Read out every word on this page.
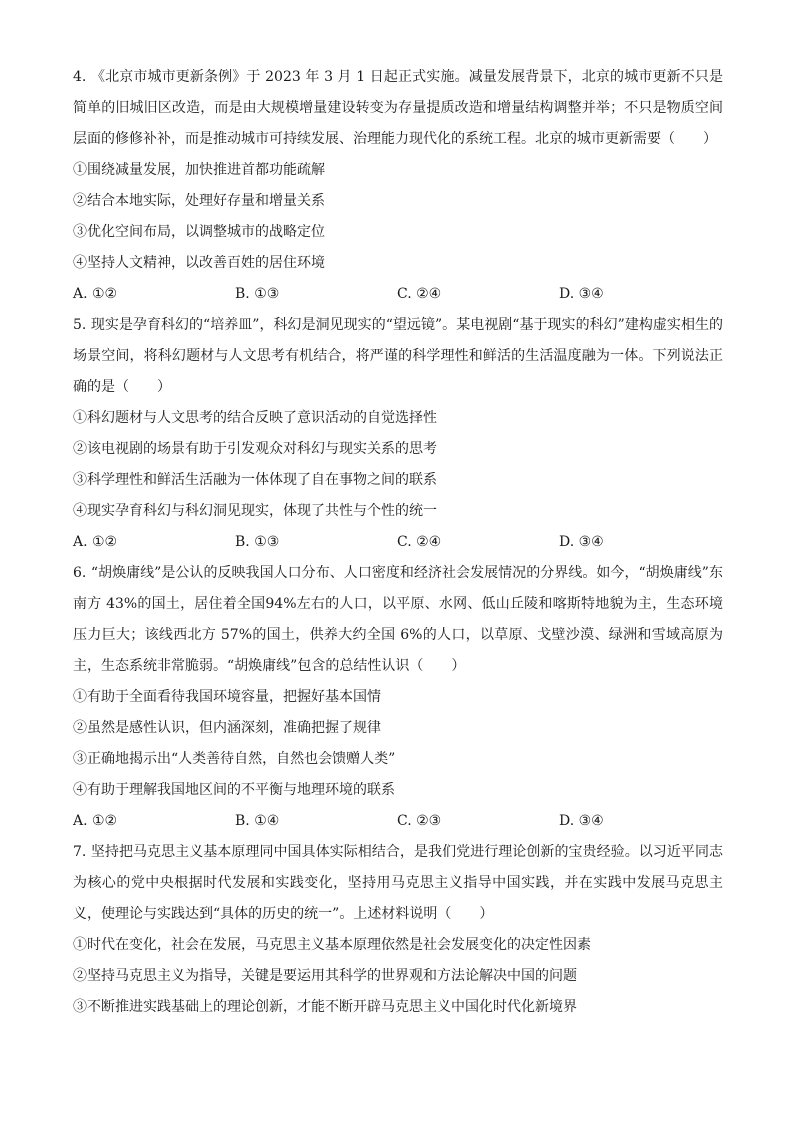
4. 《北京市城市更新条例》于 2023 年 3 月 1 日起正式实施。减量发展背景下，北京的城市更新不只是简单的旧城旧区改造，而是由大规模增量建设转变为存量提质改造和增量结构调整并举；不只是物质空间层面的修修补补，而是推动城市可持续发展、治理能力现代化的系统工程。北京的城市更新需要（　　）

①围绕减量发展，加快推进首都功能疏解

②结合本地实际，处理好存量和增量关系

③优化空间布局，以调整城市的战略定位

④坚持人文精神，以改善百姓的居住环境

A. ①②	B. ①③	C. ②④	D. ③④

5. 现实是孕育科幻的“培养皿”，科幻是洞见现实的“望远镜”。某电视剧“基于现实的科幻”建构虚实相生的场景空间，将科幻题材与人文思考有机结合，将严谨的科学理性和鲜活的生活温度融为一体。下列说法正确的是（　　）

①科幻题材与人文思考的结合反映了意识活动的自觉选择性

②该电视剧的场景有助于引发观众对科幻与现实关系的思考

③科学理性和鲜活生活融为一体体现了自在事物之间的联系

④现实孕育科幻与科幻洞见现实，体现了共性与个性的统一

A. ①②	B. ①③	C. ②④	D. ③④

6. “胡焕庸线”是公认的反映我国人口分布、人口密度和经济社会发展情况的分界线。如今，“胡焕庸线”东南方 43%的国土，居住着全国94%左右的人口，以平原、水网、低山丘陵和喀斯特地貌为主，生态环境压力巨大；该线西北方 57%的国土，供养大约全国 6%的人口，以草原、戈壁沙漠、绿洲和雪域高原为主，生态系统非常脆弱。“胡焕庸线”包含的总结性认识（　　）

①有助于全面看待我国环境容量，把握好基本国情

②虽然是感性认识，但内涵深刻，准确把握了规律

③正确地揭示出“人类善待自然，自然也会馈赠人类”

④有助于理解我国地区间的不平衡与地理环境的联系

A. ①②	B. ①④	C. ②③	D. ③④

7. 坚持把马克思主义基本原理同中国具体实际相结合，是我们党进行理论创新的宝贵经验。以习近平同志为核心的党中央根据时代发展和实践变化，坚持用马克思主义指导中国实践，并在实践中发展马克思主义，使理论与实践达到“具体的历史的统一”。上述材料说明（　　）

①时代在变化，社会在发展，马克思主义基本原理依然是社会发展变化的决定性因素

②坚持马克思主义为指导，关键是要运用其科学的世界观和方法论解决中国的问题

③不断推进实践基础上的理论创新，才能不断开辟马克思主义中国化时代化新境界
